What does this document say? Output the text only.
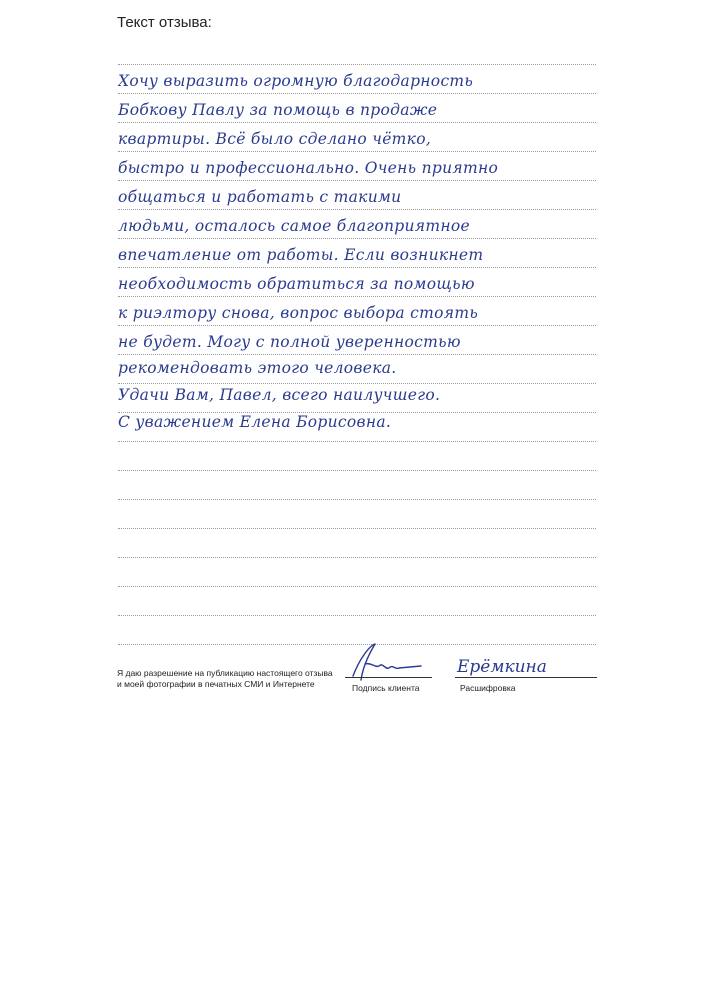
Текст отзыва:
Хочу выразить огромную благодарность
Бобкову Павлу за помощь в продаже
квартиры. Всё было сделано чётко,
быстро и профессионально. Очень приятно
общаться и работать с такими
людьми, осталось самое благоприятное
впечатление от работы. Если возникнет
необходимость обратиться за помощью
к риэлтору снова, вопрос выбора стоять
не будет. Могу с полной уверенностью
рекомендовать этого человека.
Удачи Вам, Павел, всего наилучшего.
С уважением Елена Борисовна.
Я даю разрешение на публикацию настоящего отзыва
и моей фотографии в печатных СМИ и Интернете
Ерёмкина
Подпись клиента	Расшифровка
